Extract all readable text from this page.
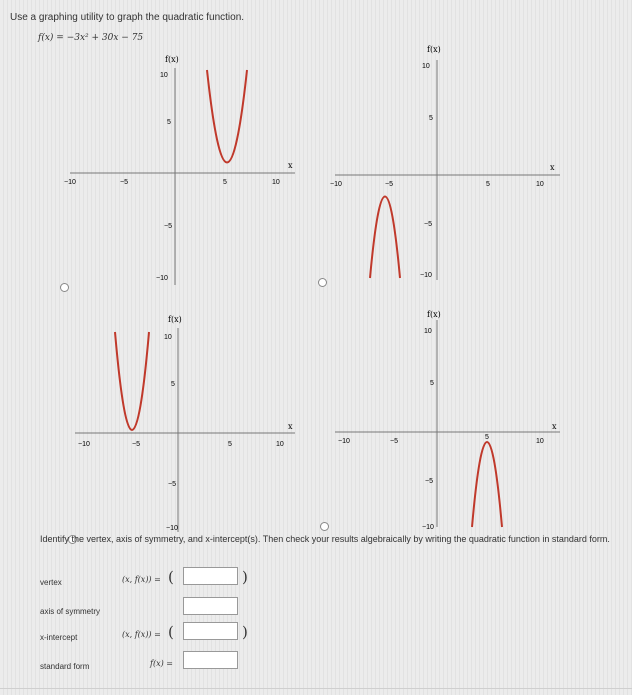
Use a graphing utility to graph the quadratic function.
f(x) = −3x² + 30x − 75
f(x)
x
10
5
−5
−10
−10	−5	5	10
f(x)
x
10
5
−5
−10
−10	−5	5	10
f(x)
x
10
5
−5
−10
−10	−5	5	10
f(x)
x
10
5
−5
−10
−10	−5
5
10
Identify the vertex, axis of symmetry, and x-intercept(s). Then check your results algebraically by writing the quadratic function in standard form.
vertex	(x, f(x)) = (	)
axis of symmetry
x-intercept	(x, f(x)) = (	)
standard form	f(x) =
